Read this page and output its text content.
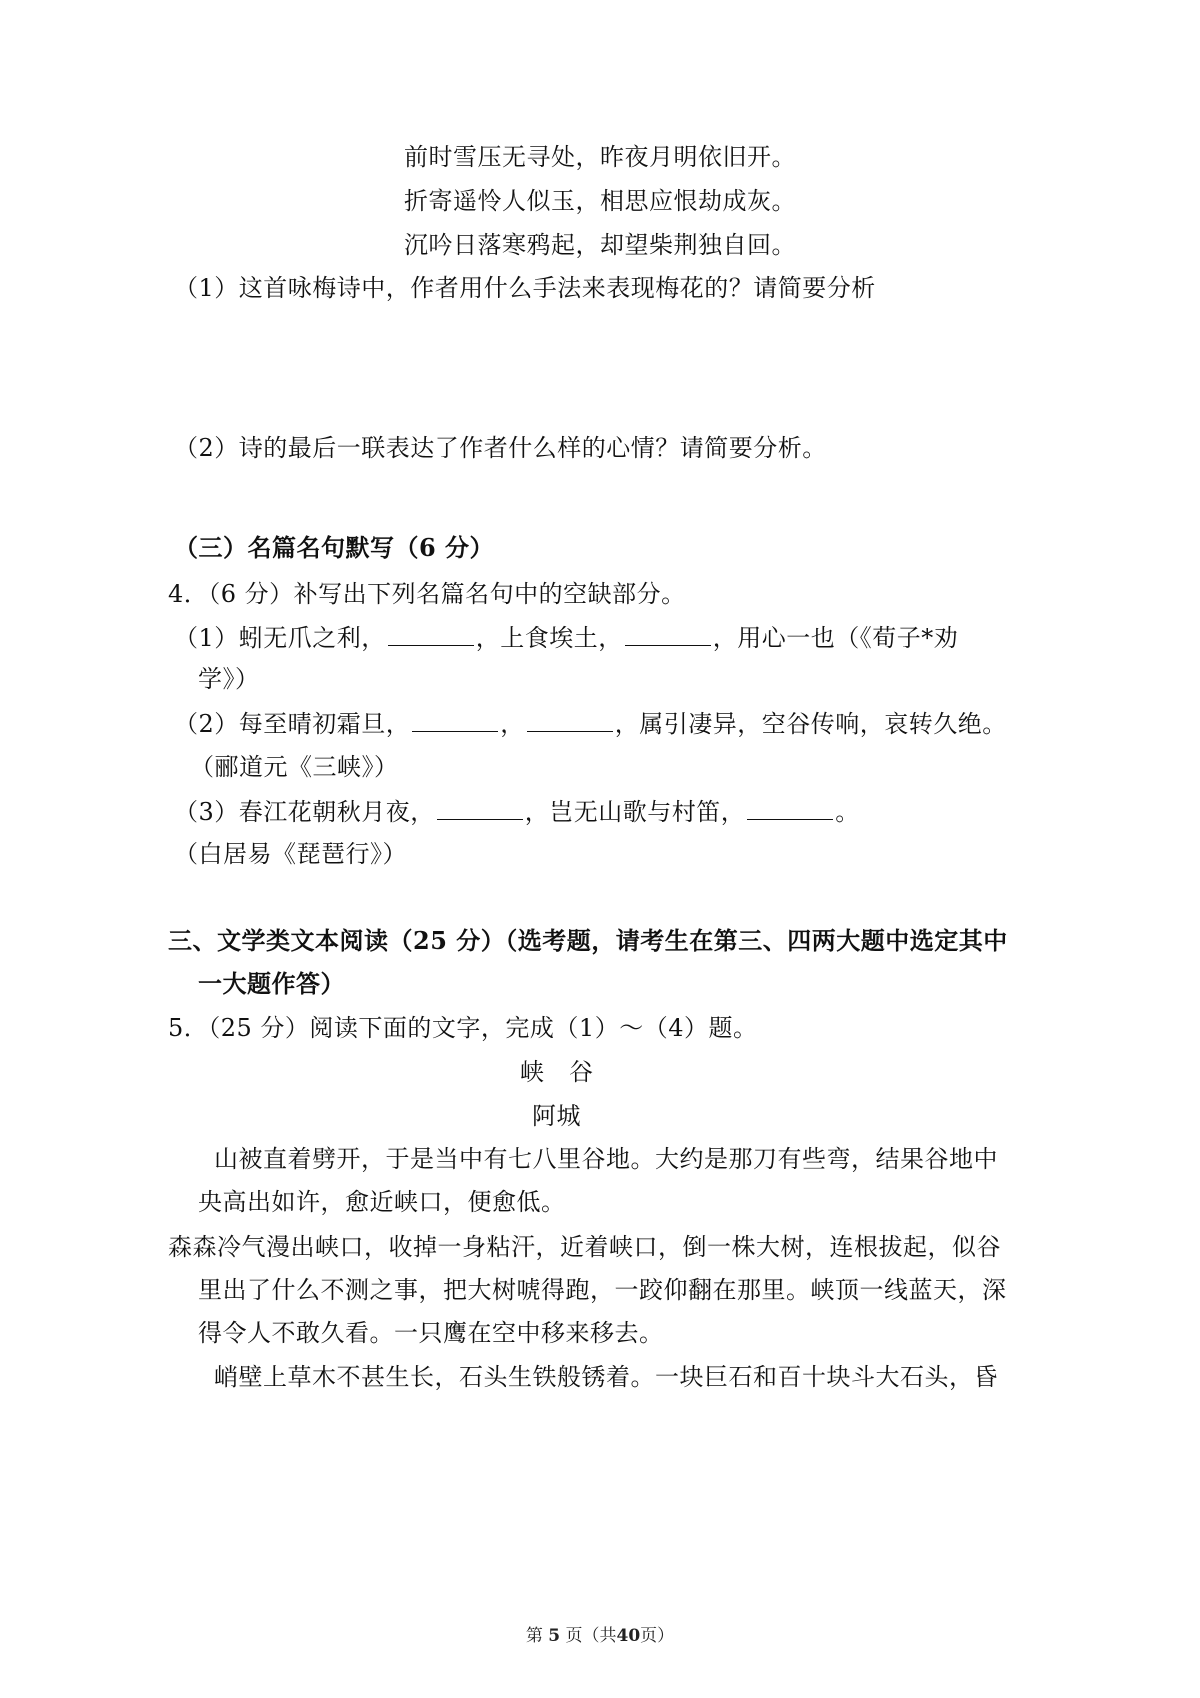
前时雪压无寻处，昨夜月明依旧开。
折寄遥怜人似玉，相思应恨劫成灰。
沉吟日落寒鸦起，却望柴荆独自回。
（1）这首咏梅诗中，作者用什么手法来表现梅花的？请简要分析
（2）诗的最后一联表达了作者什么样的心情？请简要分析。
（三）名篇名句默写（6 分）
4．（6 分）补写出下列名篇名句中的空缺部分。
（1）蚓无爪之利，	，上食埃土，	，用心一也（《荀子*劝
学》）
（2）每至晴初霜旦，	，	，属引凄异，空谷传响，哀转久绝。
（郦道元《三峡》）
（3）春江花朝秋月夜，	，岂无山歌与村笛，	。
（白居易《琵琶行》）
三、文学类文本阅读（25 分）（选考题，请考生在第三、四两大题中选定其中
一大题作答）
5．（25 分）阅读下面的文字，完成（1）～（4）题。
峡　谷
阿城
山被直着劈开，于是当中有七八里谷地。大约是那刀有些弯，结果谷地中
央高出如许，愈近峡口，便愈低。
森森冷气漫出峡口，收掉一身粘汗，近着峡口，倒一株大树，连根拔起，似谷
里出了什么不测之事，把大树唬得跑，一跤仰翻在那里。峡顶一线蓝天，深
得令人不敢久看。一只鹰在空中移来移去。
峭壁上草木不甚生长，石头生铁般锈着。一块巨石和百十块斗大石头，昏
第 5 页（共40页）
